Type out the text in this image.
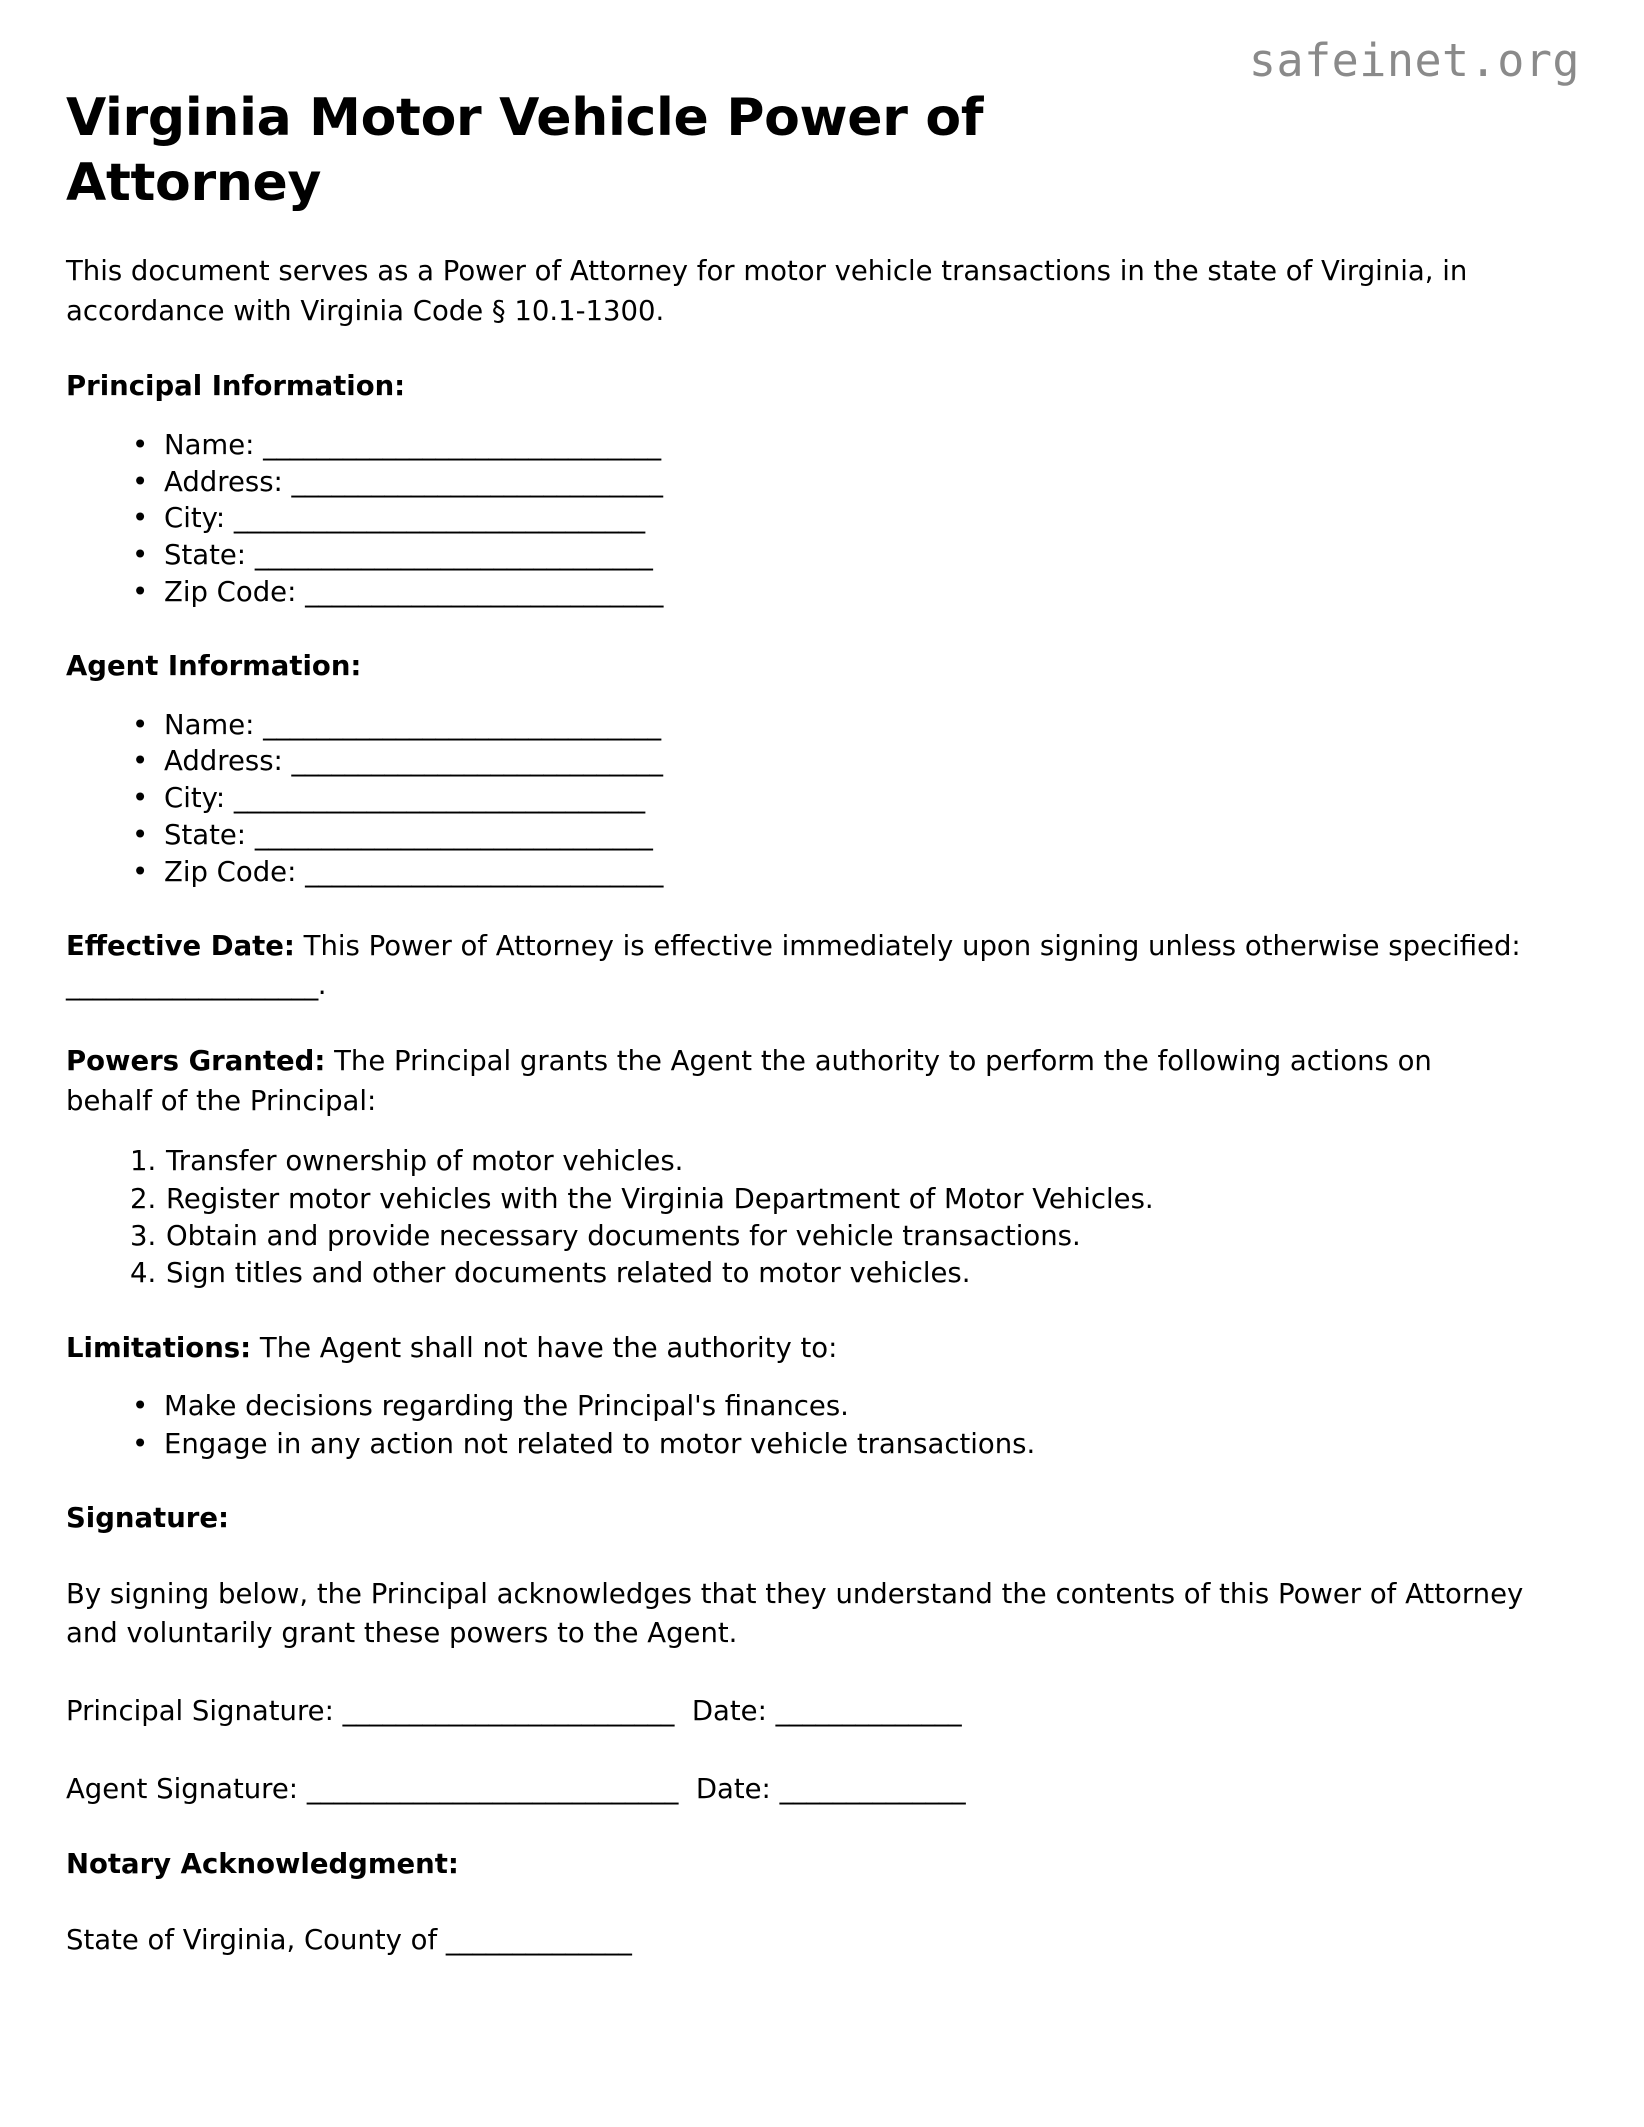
safeinet.org
Virginia Motor Vehicle Power of Attorney

This document serves as a Power of Attorney for motor vehicle transactions in the state of Virginia, in accordance with Virginia Code § 10.1-1300.

Principal Information:
• Name: ______________________________
• Address: ____________________________
• City: _______________________________
• State: ______________________________
• Zip Code: ___________________________
Agent Information:
• Name: ______________________________
• Address: ____________________________
• City: _______________________________
• State: ______________________________
• Zip Code: ___________________________

Effective Date: This Power of Attorney is effective immediately upon signing unless otherwise specified: ___________________.

Powers Granted: The Principal grants the Agent the authority to perform the following actions on behalf of the Principal:

Transfer ownership of motor vehicles.
Register motor vehicles with the Virginia Department of Motor Vehicles.
Obtain and provide necessary documents for vehicle transactions.
Sign titles and other documents related to motor vehicles.

Limitations: The Agent shall not have the authority to:

• Make decisions regarding the Principal's finances.
• Engage in any action not related to motor vehicle transactions.
Signature:

By signing below, the Principal acknowledges that they understand the contents of this Power of Attorney and voluntarily grant these powers to the Agent.

Principal Signature: _________________________ Date: ______________

Agent Signature: ____________________________ Date: ______________

Notary Acknowledgment:

State of Virginia, County of ______________
